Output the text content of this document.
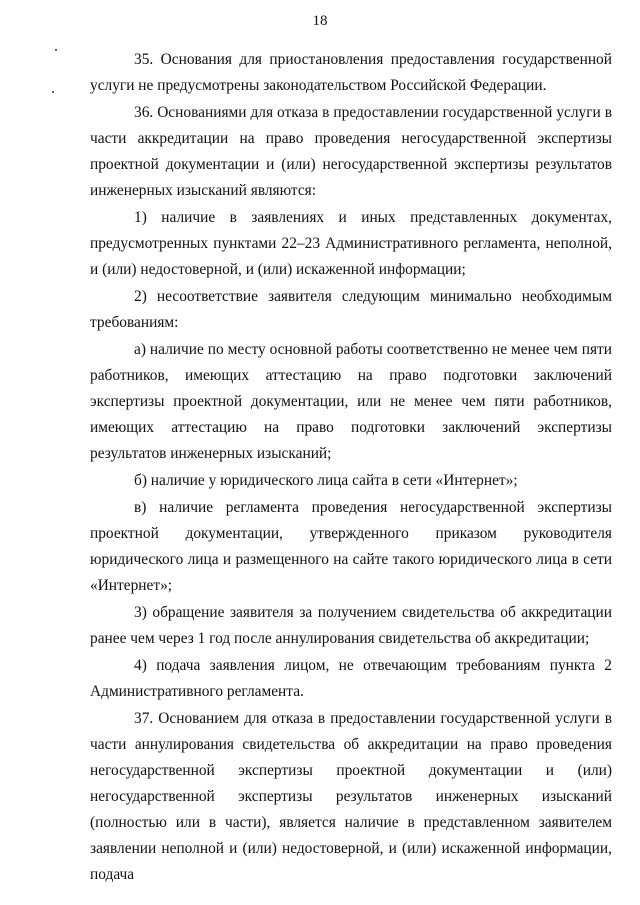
18

35. Основания для приостановления предоставления государственной услуги не предусмотрены законодательством Российской Федерации.

36. Основаниями для отказа в предоставлении государственной услуги в части аккредитации на право проведения негосударственной экспертизы проектной документации и (или) негосударственной экспертизы результатов инженерных изысканий являются:

1) наличие в заявлениях и иных представленных документах, предусмотренных пунктами 22–23 Административного регламента, неполной, и (или) недостоверной, и (или) искаженной информации;

2) несоответствие заявителя следующим минимально необходимым требованиям:

а) наличие по месту основной работы соответственно не менее чем пяти работников, имеющих аттестацию на право подготовки заключений экспертизы проектной документации, или не менее чем пяти работников, имеющих аттестацию на право подготовки заключений экспертизы результатов инженерных изысканий;

б) наличие у юридического лица сайта в сети «Интернет»;

в) наличие регламента проведения негосударственной экспертизы проектной документации, утвержденного приказом руководителя юридического лица и размещенного на сайте такого юридического лица в сети «Интернет»;

3) обращение заявителя за получением свидетельства об аккредитации ранее чем через 1 год после аннулирования свидетельства об аккредитации;

4) подача заявления лицом, не отвечающим требованиям пункта 2 Административного регламента.

37. Основанием для отказа в предоставлении государственной услуги в части аннулирования свидетельства об аккредитации на право проведения негосударственной экспертизы проектной документации и (или) негосударственной экспертизы результатов инженерных изысканий (полностью или в части), является наличие в представленном заявителем заявлении неполной и (или) недостоверной, и (или) искаженной информации, подача
